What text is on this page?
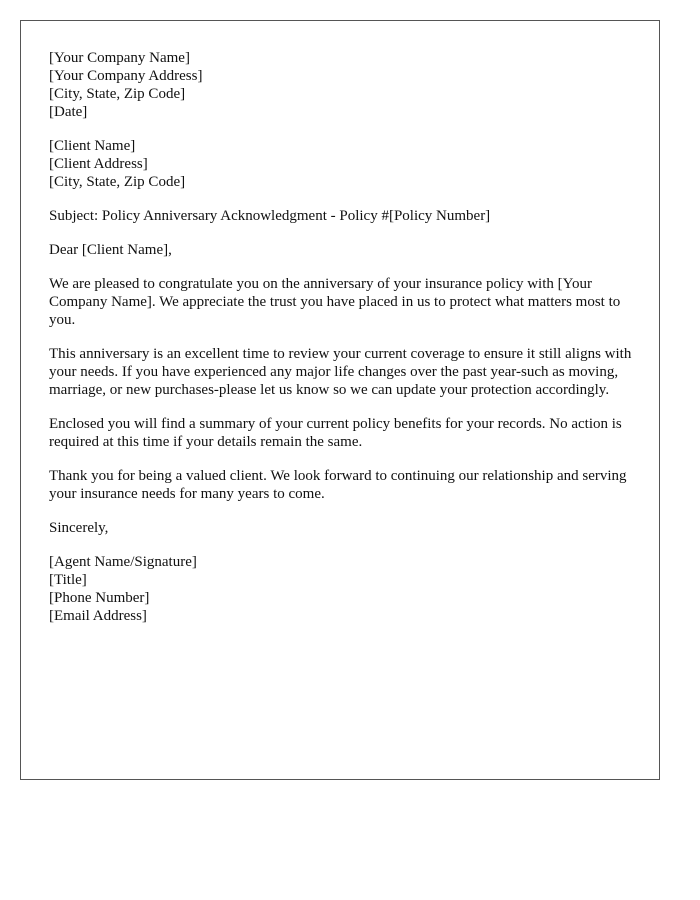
[Your Company Name]
[Your Company Address]
[City, State, Zip Code]
[Date]
[Client Name]
[Client Address]
[City, State, Zip Code]

Subject: Policy Anniversary Acknowledgment - Policy #[Policy Number]

Dear [Client Name],

We are pleased to congratulate you on the anniversary of your insurance policy with [Your Company Name]. We appreciate the trust you have placed in us to protect what matters most to you.

This anniversary is an excellent time to review your current coverage to ensure it still aligns with your needs. If you have experienced any major life changes over the past year-such as moving, marriage, or new purchases-please let us know so we can update your protection accordingly.

Enclosed you will find a summary of your current policy benefits for your records. No action is required at this time if your details remain the same.

Thank you for being a valued client. We look forward to continuing our relationship and serving your insurance needs for many years to come.

Sincerely,

[Agent Name/Signature]
[Title]
[Phone Number]
[Email Address]
